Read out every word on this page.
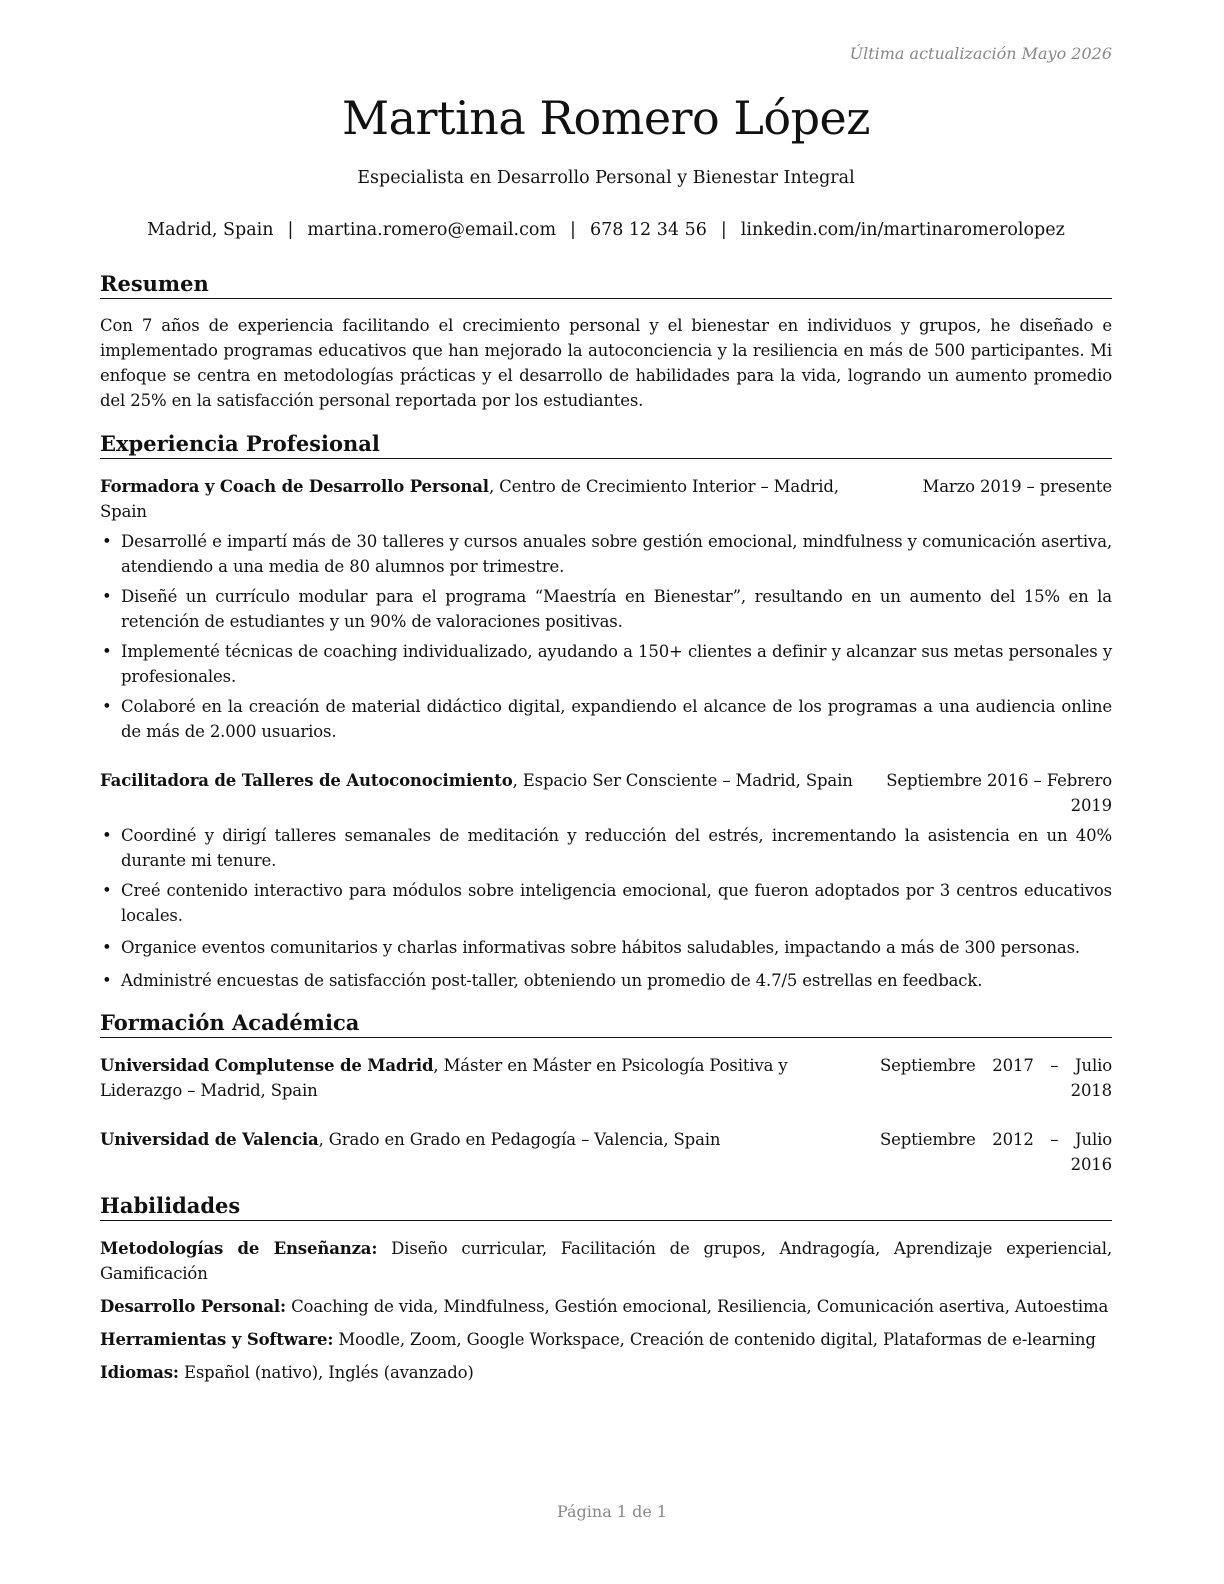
Última actualización Mayo 2026
Martina Romero López
Especialista en Desarrollo Personal y Bienestar Integral
Madrid, Spain | martina.romero@email.com | 678 12 34 56 | linkedin.com/in/martinaromerolopez
Resumen
Con 7 años de experiencia facilitando el crecimiento personal y el bienestar en individuos y grupos, he diseñado e implementado programas educativos que han mejorado la autoconciencia y la resiliencia en más de 500 participantes. Mi enfoque se centra en metodologías prácticas y el desarrollo de habilidades para la vida, logrando un aumento promedio del 25% en la satisfacción personal reportada por los estudiantes.
Experiencia Profesional
Formadora y Coach de Desarrollo Personal, Centro de Crecimiento Interior – Madrid, Spain
Marzo 2019 – presente
• Desarrollé e impartí más de 30 talleres y cursos anuales sobre gestión emocional, mindfulness y comunicación asertiva, atendiendo a una media de 80 alumnos por trimestre.
• Diseñé un currículo modular para el programa “Maestría en Bienestar”, resultando en un aumento del 15% en la retención de estudiantes y un 90% de valoraciones positivas.
• Implementé técnicas de coaching individualizado, ayudando a 150+ clientes a definir y alcanzar sus metas personales y profesionales.
• Colaboré en la creación de material didáctico digital, expandiendo el alcance de los programas a una audiencia online de más de 2.000 usuarios.
Facilitadora de Talleres de Autoconocimiento, Espacio Ser Consciente – Madrid, Spain	Septiembre 2016 – Febrero 2019
• Coordiné y dirigí talleres semanales de meditación y reducción del estrés, incrementando la asistencia en un 40% durante mi tenure.
• Creé contenido interactivo para módulos sobre inteligencia emocional, que fueron adoptados por 3 centros educativos locales.
• Organice eventos comunitarios y charlas informativas sobre hábitos saludables, impactando a más de 300 personas.
• Administré encuestas de satisfacción post-taller, obteniendo un promedio de 4.7/5 estrellas en feedback.
Formación Académica
Universidad Complutense de Madrid, Máster en Máster en Psicología Positiva y Liderazgo – Madrid, Spain
Septiembre 2017 – Julio 2018
Universidad de Valencia, Grado en Grado en Pedagogía – Valencia, Spain	Septiembre 2012 – Julio 2016
Habilidades
Metodologías de Enseñanza: Diseño curricular, Facilitación de grupos, Andragogía, Aprendizaje experiencial, Gamificación
Desarrollo Personal: Coaching de vida, Mindfulness, Gestión emocional, Resiliencia, Comunicación asertiva, Autoestima
Herramientas y Software: Moodle, Zoom, Google Workspace, Creación de contenido digital, Plataformas de e-learning
Idiomas: Español (nativo), Inglés (avanzado)
Página 1 de 1
